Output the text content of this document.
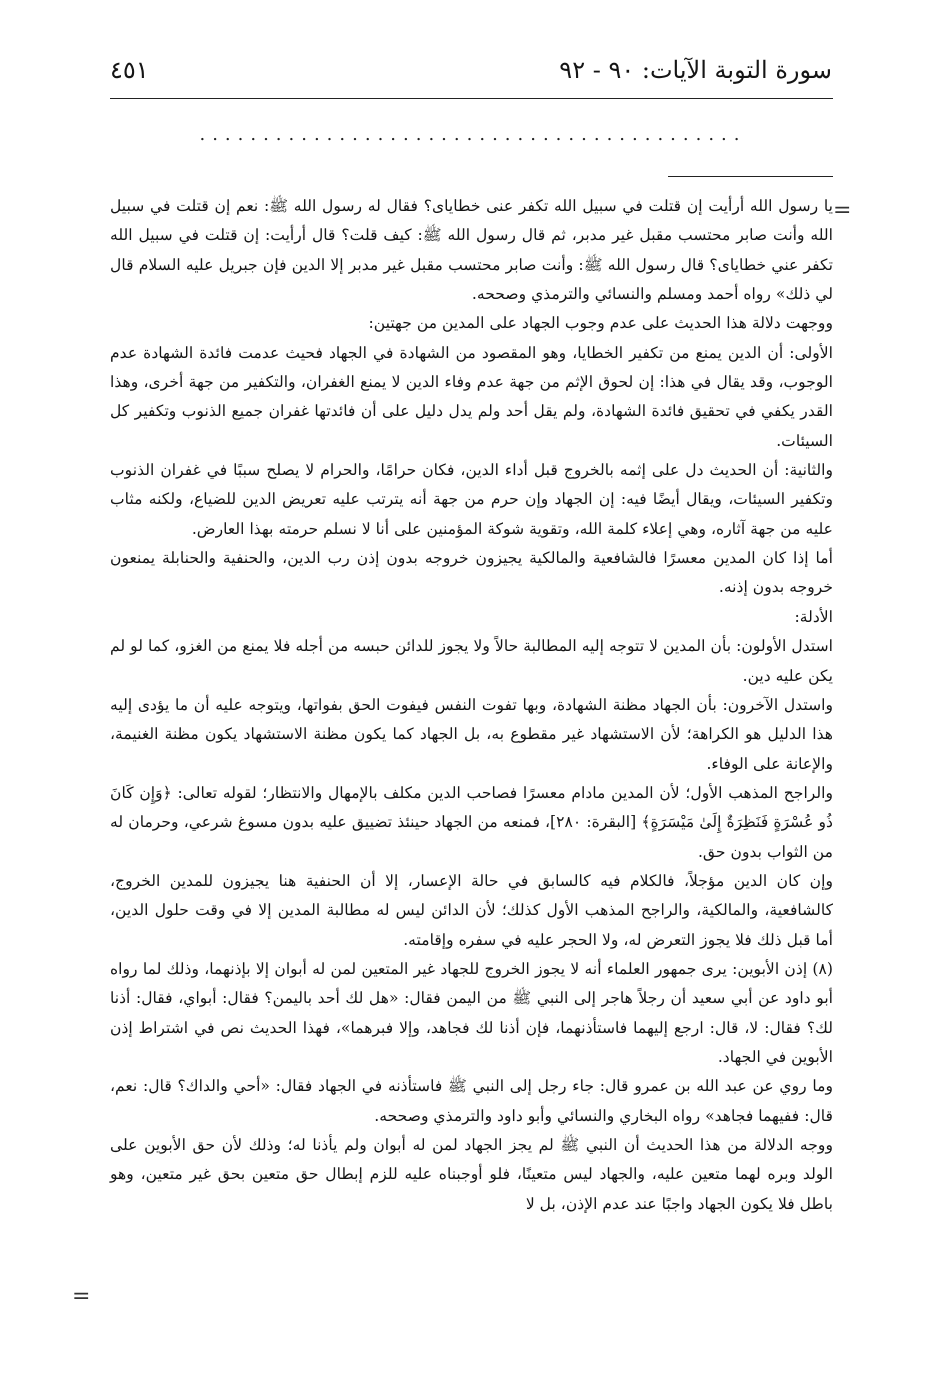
سورة التوبة الآيات: ٩٠ - ٩٢
٤٥١
...........................................
=
=

يا رسول الله أرأيت إن قتلت في سبيل الله تكفر عنى خطاياى؟ فقال له رسول الله ﷺ: نعم إن قتلت في سبيل الله وأنت صابر محتسب مقبل غير مدبر، ثم قال رسول الله ﷺ: كيف قلت؟ قال أرأيت: إن قتلت في سبيل الله تكفر عني خطاياى؟ قال رسول الله ﷺ: وأنت صابر محتسب مقبل غير مدبر إلا الدين فإن جبريل عليه السلام قال لي ذلك» رواه أحمد ومسلم والنسائي والترمذي وصححه.

ووجهت دلالة هذا الحديث على عدم وجوب الجهاد على المدين من جهتين:

الأولى: أن الدين يمنع من تكفير الخطايا، وهو المقصود من الشهادة في الجهاد فحيث عدمت فائدة الشهادة عدم الوجوب، وقد يقال في هذا: إن لحوق الإثم من جهة عدم وفاء الدين لا يمنع الغفران، والتكفير من جهة أخرى، وهذا القدر يكفي في تحقيق فائدة الشهادة، ولم يقل أحد ولم يدل دليل على أن فائدتها غفران جميع الذنوب وتكفير كل السيئات.

والثانية: أن الحديث دل على إثمه بالخروج قبل أداء الدين، فكان حرامًا، والحرام لا يصلح سببًا في غفران الذنوب وتكفير السيئات، ويقال أيضًا فيه: إن الجهاد وإن حرم من جهة أنه يترتب عليه تعريض الدين للضياع، ولكنه مثاب عليه من جهة آثاره، وهي إعلاء كلمة الله، وتقوية شوكة المؤمنين على أنا لا نسلم حرمته بهذا العارض.

أما إذا كان المدين معسرًا فالشافعية والمالكية يجيزون خروجه بدون إذن رب الدين، والحنفية والحنابلة يمنعون خروجه بدون إذنه.

الأدلة:

استدل الأولون: بأن المدين لا تتوجه إليه المطالبة حالاً ولا يجوز للدائن حبسه من أجله فلا يمنع من الغزو، كما لو لم يكن عليه دين.

واستدل الآخرون: بأن الجهاد مظنة الشهادة، وبها تفوت النفس فيفوت الحق بفواتها، ويتوجه عليه أن ما يؤدى إليه هذا الدليل هو الكراهة؛ لأن الاستشهاد غير مقطوع به، بل الجهاد كما يكون مظنة الاستشهاد يكون مظنة الغنيمة، والإعانة على الوفاء.

والراجح المذهب الأول؛ لأن المدين مادام معسرًا فصاحب الدين مكلف بالإمهال والانتظار؛ لقوله تعالى: ﴿وَإِن كَانَ ذُو عُسْرَةٍ فَنَظِرَةٌ إِلَىٰ مَيْسَرَةٍ﴾ [البقرة: ٢٨٠]، فمنعه من الجهاد حينئذ تضييق عليه بدون مسوغ شرعي، وحرمان له من الثواب بدون حق.

وإن كان الدين مؤجلاً، فالكلام فيه كالسابق في حالة الإعسار، إلا أن الحنفية هنا يجيزون للمدين الخروج، كالشافعية، والمالكية، والراجح المذهب الأول كذلك؛ لأن الدائن ليس له مطالبة المدين إلا في وقت حلول الدين، أما قبل ذلك فلا يجوز التعرض له، ولا الحجر عليه في سفره وإقامته.

(٨) إذن الأبوين: يرى جمهور العلماء أنه لا يجوز الخروج للجهاد غير المتعين لمن له أبوان إلا بإذنهما، وذلك لما رواه أبو داود عن أبي سعيد أن رجلاً هاجر إلى النبي ﷺ من اليمن فقال: «هل لك أحد باليمن؟ فقال: أبواي، فقال: أذنا لك؟ فقال: لا، قال: ارجع إليهما فاستأذنهما، فإن أذنا لك فجاهد، وإلا فبرهما»، فهذا الحديث نص في اشتراط إذن الأبوين في الجهاد.

وما روي عن عبد الله بن عمرو قال: جاء رجل إلى النبي ﷺ فاستأذنه في الجهاد فقال: «أحي والداك؟ قال: نعم، قال: ففيهما فجاهد» رواه البخاري والنسائي وأبو داود والترمذي وصححه.

ووجه الدلالة من هذا الحديث أن النبي ﷺ لم يجز الجهاد لمن له أبوان ولم يأذنا له؛ وذلك لأن حق الأبوين على الولد وبره لهما متعين عليه، والجهاد ليس متعينًا، فلو أوجبناه عليه للزم إبطال حق متعين بحق غير متعين، وهو باطل فلا يكون الجهاد واجبًا عند عدم الإذن، بل لا
